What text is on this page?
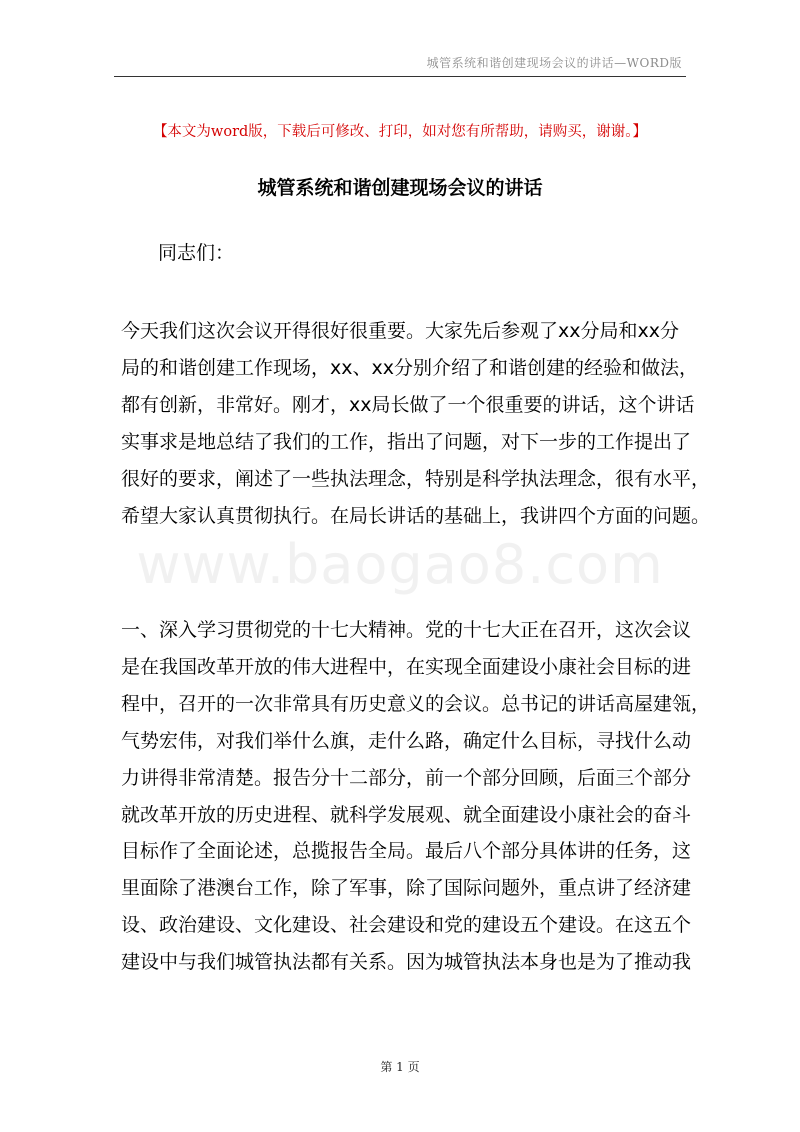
城管系统和谐创建现场会议的讲话—WORD版
www.baogao8.com
【本文为word版，下载后可修改、打印，如对您有所帮助，请购买，谢谢。】
城管系统和谐创建现场会议的讲话
同志们：

今天我们这次会议开得很好很重要。大家先后参观了xx分局和xx分
局的和谐创建工作现场，xx、xx分别介绍了和谐创建的经验和做法，
都有创新，非常好。刚才，xx局长做了一个很重要的讲话，这个讲话
实事求是地总结了我们的工作，指出了问题，对下一步的工作提出了
很好的要求，阐述了一些执法理念，特别是科学执法理念，很有水平，
希望大家认真贯彻执行。在局长讲话的基础上，我讲四个方面的问题。

一、深入学习贯彻党的十七大精神。党的十七大正在召开，这次会议
是在我国改革开放的伟大进程中，在实现全面建设小康社会目标的进
程中，召开的一次非常具有历史意义的会议。总书记的讲话高屋建瓴，
气势宏伟，对我们举什么旗，走什么路，确定什么目标，寻找什么动
力讲得非常清楚。报告分十二部分，前一个部分回顾，后面三个部分
就改革开放的历史进程、就科学发展观、就全面建设小康社会的奋斗
目标作了全面论述，总揽报告全局。最后八个部分具体讲的任务，这
里面除了港澳台工作，除了军事，除了国际问题外，重点讲了经济建
设、政治建设、文化建设、社会建设和党的建设五个建设。在这五个
建设中与我们城管执法都有关系。因为城管执法本身也是为了推动我

第 1 页
